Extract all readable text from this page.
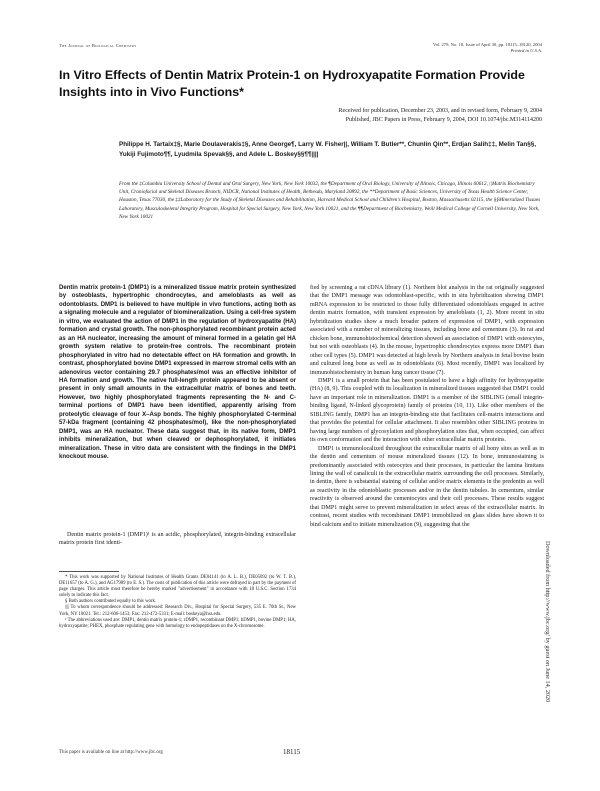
The Journal of Biological Chemistry	Vol. 279, No. 18, Issue of April 30, pp. 18115–18120, 2004
Printed in U.S.A.
In Vitro Effects of Dentin Matrix Protein-1 on Hydroxyapatite Formation Provide Insights into in Vivo Functions*
Received for publication, December 23, 2003, and in revised form, February 9, 2004
Published, JBC Papers in Press, February 9, 2004, DOI 10.1074/jbc.M314114200
Philippe H. Tartaix‡§, Marie Doulaverakis‡§, Anne George¶, Larry W. Fisher||, William T. Butler**, Chunlin Qin**, Erdjan Salih‡‡, Melin Tan§§, Yukiji Fujimoto¶¶, Lyudmila Spevak§§, and Adele L. Boskey§§¶¶||||
From the ‡Columbia University School of Dental and Oral Surgery, New York, New York 10032, the ¶Department of Oral Biology, University of Illinois, Chicago, Illinois 60612, ||Matrix Biochemistry Unit, Craniofacial and Skeletal Diseases Branch, NIDCR, National Institutes of Health, Bethesda, Maryland 20892, the **Department of Basic Sciences, University of Texas Health Science Center, Houston, Texas 77030, the ‡‡Laboratory for the Study of Skeletal Diseases and Rehabilitation, Harvard Medical School and Children's Hospital, Boston, Massachusetts 02115, the §§Mineralized Tissues Laboratory, Musculoskeletal Integrity Program, Hospital for Special Surgery, New York, New York 10021, and the ¶¶Department of Biochemistry, Weill Medical College of Cornell University, New York, New York 10021
Dentin matrix protein-1 (DMP1) is a mineralized tissue matrix protein synthesized by osteoblasts, hypertrophic chondrocytes, and ameloblasts as well as odontoblasts. DMP1 is believed to have multiple in vivo functions, acting both as a signaling molecule and a regulator of biomineralization. Using a cell-free system in vitro, we evaluated the action of DMP1 in the regulation of hydroxyapatite (HA) formation and crystal growth. The non-phosphorylated recombinant protein acted as an HA nucleator, increasing the amount of mineral formed in a gelatin gel HA growth system relative to protein-free controls. The recombinant protein phosphorylated in vitro had no detectable effect on HA formation and growth. In contrast, phosphorylated bovine DMP1 expressed in marrow stromal cells with an adenovirus vector containing 29.7 phosphates/mol was an effective inhibitor of HA formation and growth. The native full-length protein appeared to be absent or present in only small amounts in the extracellular matrix of bones and teeth. However, two highly phosphorylated fragments representing the N- and C-terminal portions of DMP1 have been identified, apparently arising from proteolytic cleavage of four X–Asp bonds. The highly phosphorylated C-terminal 57-kDa fragment (containing 42 phosphates/mol), like the non-phosphorylated DMP1, was an HA nucleator. These data suggest that, in its native form, DMP1 inhibits mineralization, but when cleaved or dephosphorylated, it initiates mineralization. These in vitro data are consistent with the findings in the DMP1 knockout mouse.
Dentin matrix protein-1 (DMP1)¹ is an acidic, phosphorylated, integrin-binding extracellular matrix protein first identi-
* This work was supported by National Institutes of Health Grants DE04141 (to A. L. B.), DE05092 (to W. T. B.), DE11657 (to A. G.), and AG17989 (to E. S.). The costs of publication of this article were defrayed in part by the payment of page charges. This article must therefore be hereby marked "advertisement" in accordance with 18 U.S.C. Section 1734 solely to indicate this fact.
§ Both authors contributed equally to this work.
|||| To whom correspondence should be addressed: Research Div., Hospital for Special Surgery, 535 E. 70th St., New York, NY 10021. Tel.: 212-606-1453; Fax: 212-472-5331; E-mail: boskeya@hss.edu.
¹ The abbreviations used are: DMP1, dentin matrix protein-1; rDMP1, recombinant DMP1; bDMP1, bovine DMP1; HA, hydroxyapatite; PHEX, phosphate regulating gene with homology to endopeptidases on the X-chromosome.

fied by screening a rat cDNA library (1). Northern blot analysis in the rat originally suggested that the DMP1 message was odontoblast-specific, with in situ hybridization showing DMP1 mRNA expression to be restricted to those fully differentiated odontoblasts engaged in active dentin matrix formation, with transient expression by ameloblasts (1, 2). More recent in situ hybridization studies show a much broader pattern of expression of DMP1, with expression associated with a number of mineralizing tissues, including bone and cementum (3). In rat and chicken bone, immunohistochemical detection showed an association of DMP1 with osteocytes, but not with osteoblasts (4). In the mouse, hypertrophic chondrocytes express more DMP1 than other cell types (5). DMP1 was detected at high levels by Northern analysis in fetal bovine brain and cultured long bone as well as in odontoblasts (6). Most recently, DMP1 was localized by immunohistochemistry in human lung cancer tissue (7).

DMP1 is a small protein that has been postulated to have a high affinity for hydroxyapatite (HA) (8, 9). This coupled with its localization in mineralized tissues suggested that DMP1 could have an important role in mineralization. DMP1 is a member of the SIBLING (small integrin-binding ligand, N-linked glycoprotein) family of proteins (10, 11). Like other members of the SIBLING family, DMP1 has an integrin-binding site that facilitates cell-matrix interactions and that provides the potential for cellular attachment. It also resembles other SIBLING proteins in having large numbers of glycosylation and phosphorylation sites that, when occupied, can affect its own conformation and the interaction with other extracellular matrix proteins.

DMP1 is immunolocalized throughout the extracellular matrix of all bony sites as well as in the dentin and cementum of mouse mineralized tissues (12). In bone, immunostaining is predominantly associated with osteocytes and their processes, in particular the lamina limitans lining the wall of canaliculi in the extracellular matrix surrounding the cell processes. Similarly, in dentin, there is substantial staining of cellular and/or matrix elements in the predentin as well as reactivity in the odontoblastic processes and/or in the dentin tubules. In cementum, similar reactivity is observed around the cementocytes and their cell processes. These results suggest that DMP1 might serve to prevent mineralization in select areas of the extracellular matrix. In contrast, recent studies with recombinant DMP1 immobilized on glass slides have shown it to bind calcium and to initiate mineralization (9), suggesting that the

Downloaded from http://www.jbc.org/ by guest on June 14, 2020
This paper is available on line at http://www.jbc.org	18115
